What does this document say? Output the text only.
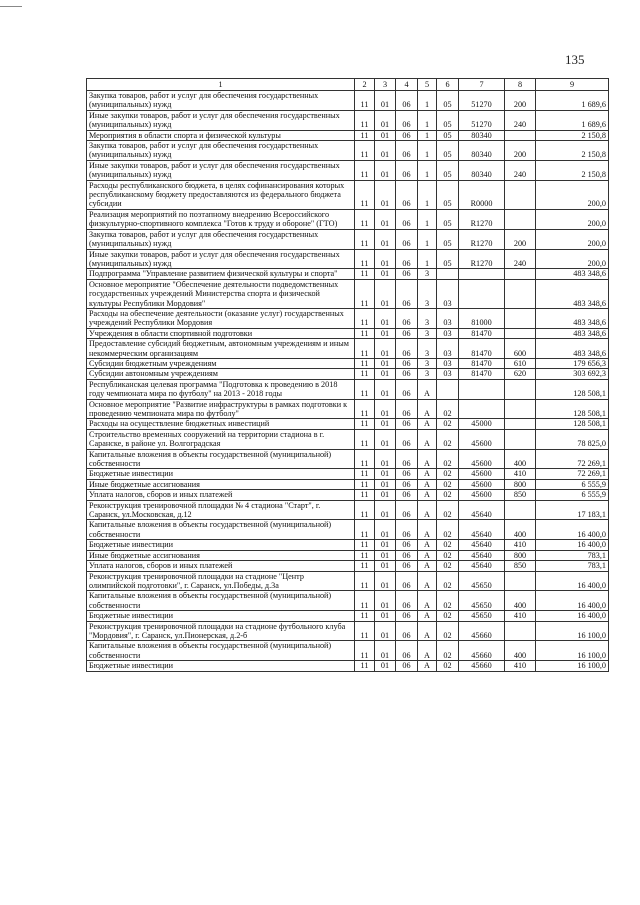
135
1	2	3	4	5	6	7	8	9
Закупка товаров, работ и услуг для обеспечения государственных (муниципальных) нужд	11	01	06	1	05	51270	200	1 689,6
Иные закупки товаров, работ и услуг для обеспечения государственных (муниципальных) нужд	11	01	06	1	05	51270	240	1 689,6
Мероприятия в области спорта и физической культуры	11	01	06	1	05	80340		2 150,8
Закупка товаров, работ и услуг для обеспечения государственных (муниципальных) нужд	11	01	06	1	05	80340	200	2 150,8
Иные закупки товаров, работ и услуг для обеспечения государственных (муниципальных) нужд	11	01	06	1	05	80340	240	2 150,8
Расходы республиканского бюджета, в целях софинансирования которых республиканскому бюджету предоставляются из федерального бюджета субсидии	11	01	06	1	05	R0000		200,0
Реализация мероприятий по поэтапному внедрению Всероссийского физкультурно-спортивного комплекса "Готов к труду и обороне" (ГТО)	11	01	06	1	05	R1270		200,0
Закупка товаров, работ и услуг для обеспечения государственных (муниципальных) нужд	11	01	06	1	05	R1270	200	200,0
Иные закупки товаров, работ и услуг для обеспечения государственных (муниципальных) нужд	11	01	06	1	05	R1270	240	200,0
Подпрограмма "Управление развитием физической культуры и спорта"	11	01	06	3				483 348,6
Основное мероприятие "Обеспечение деятельности подведомственных государственных учреждений Министерства спорта и физической культуры Республики Мордовия"	11	01	06	3	03			483 348,6
Расходы на обеспечение деятельности (оказание услуг) государственных учреждений Республики Мордовия	11	01	06	3	03	81000		483 348,6
Учреждения в области спортивной подготовки	11	01	06	3	03	81470		483 348,6
Предоставление субсидий бюджетным, автономным учреждениям и иным некоммерческим организациям	11	01	06	3	03	81470	600	483 348,6
Субсидии бюджетным учреждениям	11	01	06	3	03	81470	610	179 656,3
Субсидии автономным учреждениям	11	01	06	3	03	81470	620	303 692,3
Республиканская целевая программа "Подготовка к проведению в 2018 году чемпионата мира по футболу" на 2013 - 2018 годы	11	01	06	А				128 508,1
Основное мероприятие "Развитие инфраструктуры в рамках подготовки к проведению чемпионата мира по футболу"	11	01	06	А	02			128 508,1
Расходы на осуществление бюджетных инвестиций	11	01	06	А	02	45000		128 508,1
Строительство временных сооружений на территории стадиона в г. Саранске, в районе ул. Волгоградская	11	01	06	А	02	45600		78 825,0
Капитальные вложения в объекты государственной (муниципальной) собственности	11	01	06	А	02	45600	400	72 269,1
Бюджетные инвестиции	11	01	06	А	02	45600	410	72 269,1
Иные бюджетные ассигнования	11	01	06	А	02	45600	800	6 555,9
Уплата налогов, сборов и иных платежей	11	01	06	А	02	45600	850	6 555,9
Реконструкция тренировочной площадки № 4 стадиона "Старт", г. Саранск, ул.Московская, д.12	11	01	06	А	02	45640		17 183,1
Капитальные вложения в объекты государственной (муниципальной) собственности	11	01	06	А	02	45640	400	16 400,0
Бюджетные инвестиции	11	01	06	А	02	45640	410	16 400,0
Иные бюджетные ассигнования	11	01	06	А	02	45640	800	783,1
Уплата налогов, сборов и иных платежей	11	01	06	А	02	45640	850	783,1
Реконструкция тренировочной площадки на стадионе "Центр олимпийской подготовки", г. Саранск, ул.Победы, д.3а	11	01	06	А	02	45650		16 400,0
Капитальные вложения в объекты государственной (муниципальной) собственности	11	01	06	А	02	45650	400	16 400,0
Бюджетные инвестиции	11	01	06	А	02	45650	410	16 400,0
Реконструкция тренировочной площадки на стадионе футбольного клуба "Мордовия", г. Саранск, ул.Пионерская, д.2-б	11	01	06	А	02	45660		16 100,0
Капитальные вложения в объекты государственной (муниципальной) собственности	11	01	06	А	02	45660	400	16 100,0
Бюджетные инвестиции	11	01	06	А	02	45660	410	16 100,0
